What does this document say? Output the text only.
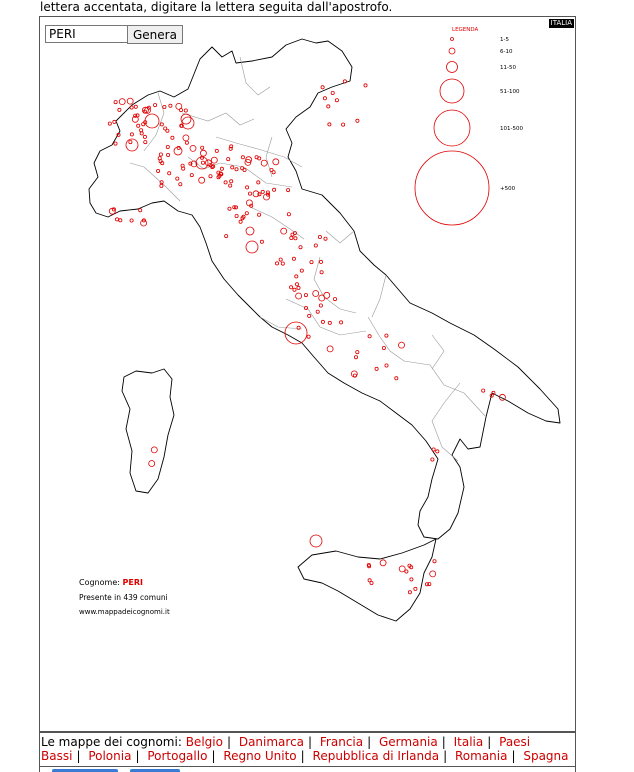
lettera accentata, digitare la lettera seguita dall'apostrofo.
LEGENDA
1-5
6-10
11-50
51-100
101-500
+500
Cognome: PERI
Presente in 439 comuni
www.mappadeicognomi.it
PERI
Genera
ITALIA
Le mappe dei cognomi: Belgio | Danimarca | Francia | Germania | Italia | Paesi Bassi | Polonia | Portogallo | Regno Unito | Repubblica di Irlanda | Romania | Spagna
